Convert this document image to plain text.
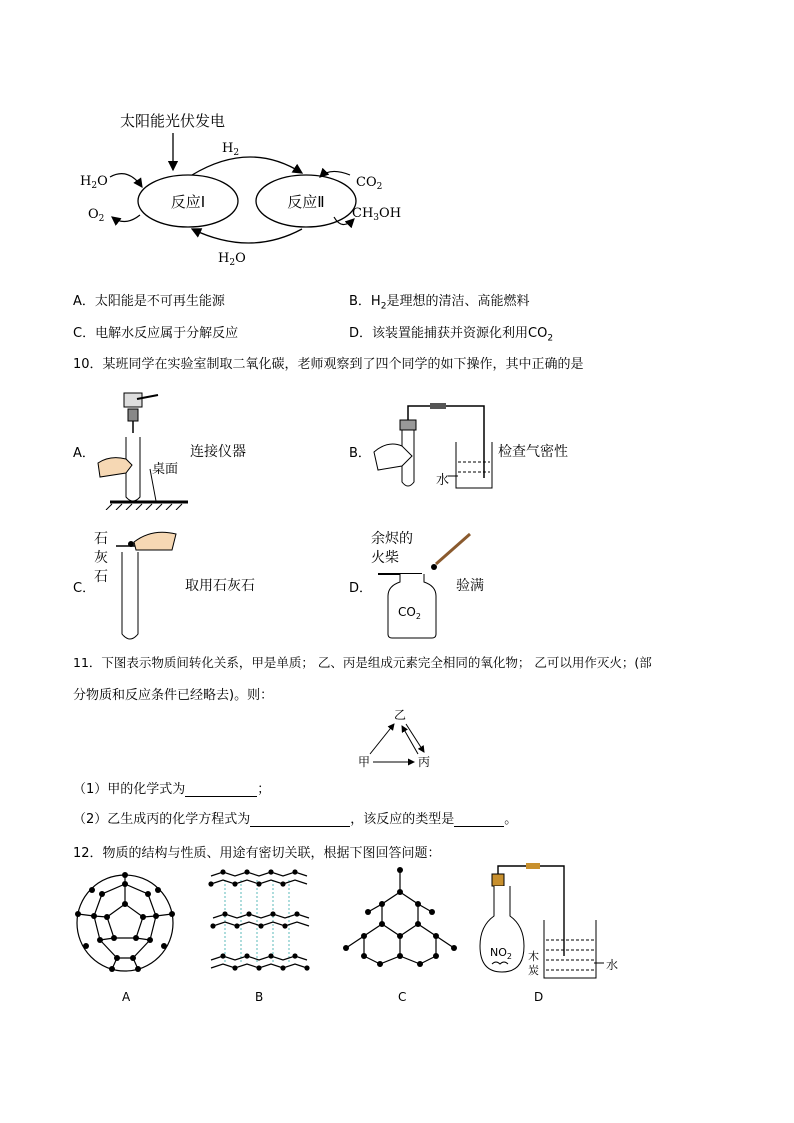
太阳能光伏发电
反应Ⅰ	反应Ⅱ
$H_2$
$H_2O$
$H_2O$
$O_2$
$CO_2$
$CH_3OH$
A．太阳能是不可再生能源	B．$H_2$是理想的清洁、高能燃料
C．电解水反应属于分解反应	D．该装置能捕获并资源化利用$CO_2$
10．某班同学在实验室制取二氧化碳，老师观察到了四个同学的如下操作，其中正确的是
A．
桌面
连接仪器	B．
水
检查气密性
C．
石
灰
石
取用石灰石	D．
余烬的
火柴
$CO_2$
验满
11．下图表示物质间转化关系，甲是单质； 乙、丙是组成元素完全相同的氧化物； 乙可以用作灭火；(部
分物质和反应条件已经略去)。则：
乙
甲	丙
（1）甲的化学式为	；
（2）乙生成丙的化学方程式为	，该反应的类型是	。
12．物质的结构与性质、用途有密切关联，根据下图回答问题：
A	B	C
$NO_2$ 木
炭	水
D
